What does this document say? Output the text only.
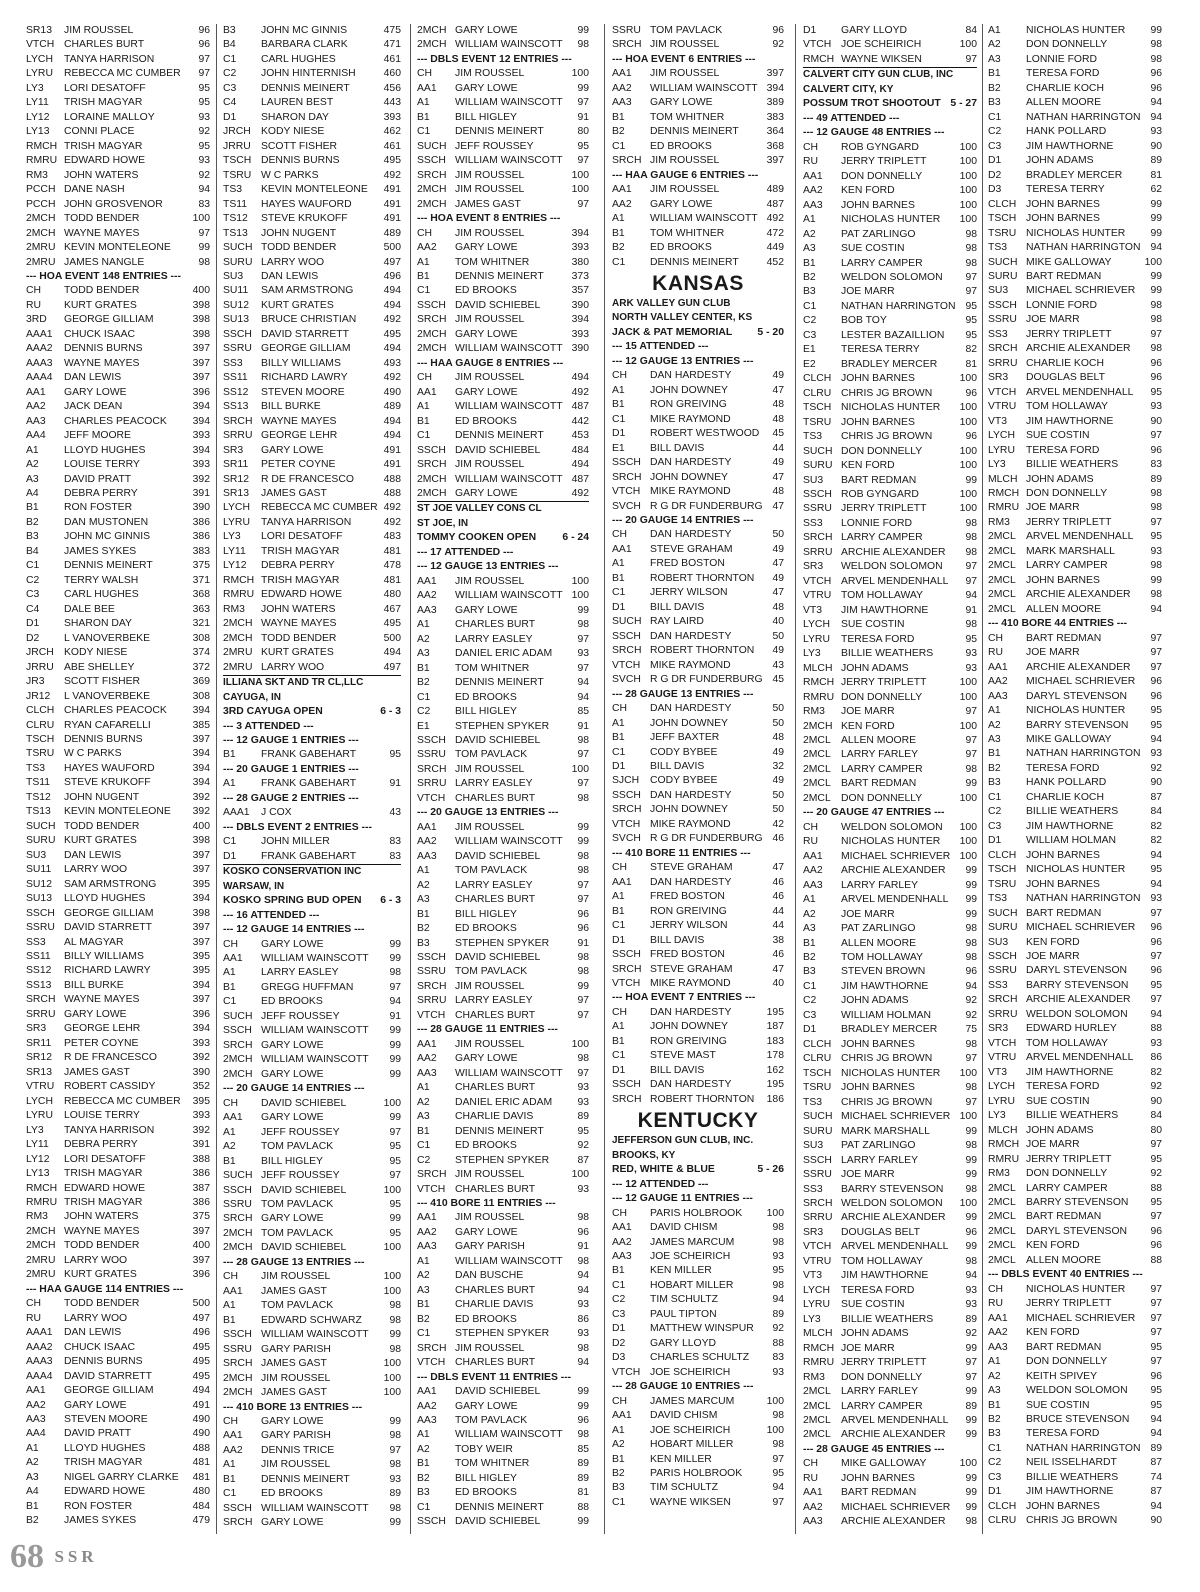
SR13 JIM ROUSSEL	96
VTCH CHARLES BURT	96
LYCH TANYA HARRISON	97
LYRU REBECCA MC CUMBER 97
LY3 LORI DESATOFF	95
LY11 TRISH MAGYAR	95
LY12 LORAINE MALLOY	93
LY13 CONNI PLACE	92
RMCH TRISH MAGYAR	95
RMRU EDWARD HOWE	93
RM3 JOHN WATERS	92
PCCH DANE NASH	94
PCCH JOHN GROSVENOR	83
2MCH TODD BENDER	100
2MCH WAYNE MAYES	97
2MRU KEVIN MONTELEONE	99
2MRU JAMES NANGLE	98
--- HOA EVENT 148 ENTRIES ---
CH TODD BENDER	400
RU KURT GRATES	398
3RD GEORGE GILLIAM	398
AAA1 CHUCK ISAAC	398
AAA2 DENNIS BURNS	397
AAA3 WAYNE MAYES	397
AAA4 DAN LEWIS	397
AA1 GARY LOWE	396
AA2 JACK DEAN	394
AA3 CHARLES PEACOCK 394
AA4 JEFF MOORE	393
A1 LLOYD HUGHES	394
A2 LOUISE TERRY	393
A3 DAVID PRATT	392
A4 DEBRA PERRY	391
B1 RON FOSTER	390
B2 DAN MUSTONEN	386
B3 JOHN MC GINNIS	386
B4 JAMES SYKES	383
C1 DENNIS MEINERT	375
C2 TERRY WALSH	371
C3 CARL HUGHES	368
C4 DALE BEE	363
D1 SHARON DAY	321
D2 L VANOVERBEKE	308
JRCH KODY NIESE	374
JRRU ABE SHELLEY	372
JR3 SCOTT FISHER	369
JR12 L VANOVERBEKE	308
CLCH CHARLES PEACOCK 394
CLRU RYAN CAFARELLI	385
TSCH DENNIS BURNS	397
TSRU W C PARKS	394
TS3 HAYES WAUFORD	394
TS11 STEVE KRUKOFF	394
TS12 JOHN NUGENT	392
TS13 KEVIN MONTELEONE 392
SUCH TODD BENDER	400
SURU KURT GRATES	398
SU3 DAN LEWIS	397
SU11 LARRY WOO	397
SU12 SAM ARMSTRONG	395
SU13 LLOYD HUGHES	394
SSCH GEORGE GILLIAM	398
SSRU DAVID STARRETT	397
SS3 AL MAGYAR	397
SS11 BILLY WILLIAMS	395
SS12 RICHARD LAWRY	395
SS13 BILL BURKE	394
SRCH WAYNE MAYES	397
SRRU GARY LOWE	396
SR3 GEORGE LEHR	394
SR11 PETER COYNE	393
SR12 R DE FRANCESCO	392
SR13 JAMES GAST	390
VTRU ROBERT CASSIDY	352
LYCH REBECCA MC CUMBER 395
LYRU LOUISE TERRY	393
LY3 TANYA HARRISON	392
LY11 DEBRA PERRY	391
LY12 LORI DESATOFF	388
LY13 TRISH MAGYAR	386
RMCH EDWARD HOWE	387
RMRU TRISH MAGYAR	386
RM3 JOHN WATERS	375
2MCH WAYNE MAYES	397
2MCH TODD BENDER	400
2MRU LARRY WOO	397
2MRU KURT GRATES	396
--- HAA GAUGE 114 ENTRIES ---
CH TODD BENDER	500
RU LARRY WOO	497
AAA1 DAN LEWIS	496
AAA2 CHUCK ISAAC	495
AAA3 DENNIS BURNS	495
AAA4 DAVID STARRETT	495
AA1 GEORGE GILLIAM	494
AA2 GARY LOWE	491
AA3 STEVEN MOORE	490
AA4 DAVID PRATT	490
A1 LLOYD HUGHES	488
A2 TRISH MAGYAR	481
A3 NIGEL GARRY CLARKE 481
A4 EDWARD HOWE	480
B1 RON FOSTER	484
B2 JAMES SYKES	479
B3 JOHN MC GINNIS	475
B4 BARBARA CLARK	471
C1 CARL HUGHES	461
C2 JOHN HINTERNISH	460
C3 DENNIS MEINERT	456
C4 LAUREN BEST	443
D1 SHARON DAY	393
JRCH KODY NIESE	462
JRRU SCOTT FISHER	461
TSCH DENNIS BURNS	495
TSRU W C PARKS	492
TS3 KEVIN MONTELEONE 491
TS11 HAYES WAUFORD	491
TS12 STEVE KRUKOFF	491
TS13 JOHN NUGENT	489
SUCH TODD BENDER	500
SURU LARRY WOO	497
SU3 DAN LEWIS	496
SU11 SAM ARMSTRONG	494
SU12 KURT GRATES	494
SU13 BRUCE CHRISTIAN	492
SSCH DAVID STARRETT	495
SSRU GEORGE GILLIAM	494
SS3 BILLY WILLIAMS	493
SS11 RICHARD LAWRY	492
SS12 STEVEN MOORE	490
SS13 BILL BURKE	489
SRCH WAYNE MAYES	494
SRRU GEORGE LEHR	494
SR3 GARY LOWE	491
SR11 PETER COYNE	491
SR12 R DE FRANCESCO	488
SR13 JAMES GAST	488
LYCH REBECCA MC CUMBER 492
LYRU TANYA HARRISON	492
LY3 LORI DESATOFF	483
LY11 TRISH MAGYAR	481
LY12 DEBRA PERRY	478
RMCH TRISH MAGYAR	481
RMRU EDWARD HOWE	480
RM3 JOHN WATERS	467
2MCH WAYNE MAYES	495
2MCH TODD BENDER	500
2MRU KURT GRATES	494
2MRU LARRY WOO	497
ILLIANA SKT AND TR CL,LLC
CAYUGA, IN
3RD CAYUGA OPEN	6 - 3
--- 3 ATTENDED ---
--- 12 GAUGE 1 ENTRIES ---
B1 FRANK GABEHART	95
--- 20 GAUGE 1 ENTRIES ---
A1 FRANK GABEHART	91
--- 28 GAUGE 2 ENTRIES ---
AAA1 J COX	43
--- DBLS EVENT 2 ENTRIES ---
C1 JOHN MILLER	83
D1 FRANK GABEHART	83
KOSKO CONSERVATION INC
WARSAW, IN
KOSKO SPRING BUD OPEN 6 - 3
--- 16 ATTENDED ---
--- 12 GAUGE 14 ENTRIES ---
CH GARY LOWE	99
AA1 WILLIAM WAINSCOTT 99
A1 LARRY EASLEY	98
B1 GREGG HUFFMAN	97
C1 ED BROOKS	94
SUCH JEFF ROUSSEY	91
SSCH WILLIAM WAINSCOTT 99
SRCH GARY LOWE	99
2MCH WILLIAM WAINSCOTT 99
2MCH GARY LOWE	99
--- 20 GAUGE 14 ENTRIES ---
CH DAVID SCHIEBEL	100
AA1 GARY LOWE	99
A1 JEFF ROUSSEY	97
A2 TOM PAVLACK	95
B1 BILL HIGLEY	95
SUCH JEFF ROUSSEY	97
SSCH DAVID SCHIEBEL	100
SSRU TOM PAVLACK	95
SRCH GARY LOWE	99
2MCH TOM PAVLACK	95
2MCH DAVID SCHIEBEL	100
--- 28 GAUGE 13 ENTRIES ---
CH JIM ROUSSEL	100
AA1 JAMES GAST	100
A1 TOM PAVLACK	98
B1 EDWARD SCHWARZ	98
SSCH WILLIAM WAINSCOTT 99
SSRU GARY PARISH	98
SRCH JAMES GAST	100
2MCH JIM ROUSSEL	100
2MCH JAMES GAST	100
--- 410 BORE 13 ENTRIES ---
CH GARY LOWE	99
AA1 GARY PARISH	98
AA2 DENNIS TRICE	97
A1 JIM ROUSSEL	98
B1 DENNIS MEINERT	93
C1 ED BROOKS	89
SSCH WILLIAM WAINSCOTT 98
SRCH GARY LOWE	99
2MCH GARY LOWE	99
2MCH WILLIAM WAINSCOTT 98
--- DBLS EVENT 12 ENTRIES ---
CH JIM ROUSSEL	100
AA1 GARY LOWE	99
A1 WILLIAM WAINSCOTT 97
B1 BILL HIGLEY	91
C1 DENNIS MEINERT	80
SUCH JEFF ROUSSEY	95
SSCH WILLIAM WAINSCOTT 97
SRCH JIM ROUSSEL	100
2MCH JIM ROUSSEL	100
2MCH JAMES GAST	97
--- HOA EVENT 8 ENTRIES ---
CH JIM ROUSSEL	394
AA2 GARY LOWE	393
A1 TOM WHITNER	380
B1 DENNIS MEINERT	373
C1 ED BROOKS	357
SSCH DAVID SCHIEBEL	390
SRCH JIM ROUSSEL	394
2MCH GARY LOWE	393
2MCH WILLIAM WAINSCOTT 390
--- HAA GAUGE 8 ENTRIES ---
CH JIM ROUSSEL	494
AA1 GARY LOWE	492
A1 WILLIAM WAINSCOTT 487
B1 ED BROOKS	442
C1 DENNIS MEINERT	453
SSCH DAVID SCHIEBEL	484
SRCH JIM ROUSSEL	494
2MCH WILLIAM WAINSCOTT 487
2MCH GARY LOWE	492
ST JOE VALLEY CONS CL
ST JOE, IN
TOMMY COOKEN OPEN	6 - 24
--- 17 ATTENDED ---
--- 12 GAUGE 13 ENTRIES ---
AA1 JIM ROUSSEL	100
AA2 WILLIAM WAINSCOTT 100
AA3 GARY LOWE	99
A1 CHARLES BURT	98
A2 LARRY EASLEY	97
A3 DANIEL ERIC ADAM 93
B1 TOM WHITNER	97
B2 DENNIS MEINERT	94
C1 ED BROOKS	94
C2 BILL HIGLEY	85
E1 STEPHEN SPYKER	91
SSCH DAVID SCHIEBEL	98
SSRU TOM PAVLACK	97
SRCH JIM ROUSSEL	100
SRRU LARRY EASLEY	97
VTCH CHARLES BURT	98
--- 20 GAUGE 13 ENTRIES ---
AA1 JIM ROUSSEL	99
AA2 WILLIAM WAINSCOTT 99
AA3 DAVID SCHIEBEL	98
A1 TOM PAVLACK	98
A2 LARRY EASLEY	97
A3 CHARLES BURT	97
B1 BILL HIGLEY	96
B2 ED BROOKS	96
B3 STEPHEN SPYKER	91
SSCH DAVID SCHIEBEL	98
SSRU TOM PAVLACK	98
SRCH JIM ROUSSEL	99
SRRU LARRY EASLEY	97
VTCH CHARLES BURT	97
--- 28 GAUGE 11 ENTRIES ---
AA1 JIM ROUSSEL	100
AA2 GARY LOWE	98
AA3 WILLIAM WAINSCOTT 97
A1 CHARLES BURT	93
A2 DANIEL ERIC ADAM 93
A3 CHARLIE DAVIS	89
B1 DENNIS MEINERT	95
C1 ED BROOKS	92
C2 STEPHEN SPYKER	87
SRCH JIM ROUSSEL	100
VTCH CHARLES BURT	93
--- 410 BORE 11 ENTRIES ---
AA1 JIM ROUSSEL	98
AA2 GARY LOWE	96
AA3 GARY PARISH	91
A1 WILLIAM WAINSCOTT 98
A2 DAN BUSCHE	94
A3 CHARLES BURT	94
B1 CHARLIE DAVIS	93
B2 ED BROOKS	86
C1 STEPHEN SPYKER	93
SRCH JIM ROUSSEL	98
VTCH CHARLES BURT	94
--- DBLS EVENT 11 ENTRIES ---
AA1 DAVID SCHIEBEL	99
AA2 GARY LOWE	99
AA3 TOM PAVLACK	96
A1 WILLIAM WAINSCOTT 98
A2 TOBY WEIR	85
B1 TOM WHITNER	89
B2 BILL HIGLEY	89
B3 ED BROOKS	81
C1 DENNIS MEINERT	88
SSCH DAVID SCHIEBEL	99
SSRU TOM PAVLACK	96
SRCH JIM ROUSSEL	92
--- HOA EVENT 6 ENTRIES ---
AA1 JIM ROUSSEL	397
AA2 WILLIAM WAINSCOTT 394
AA3 GARY LOWE	389
B1 TOM WHITNER	383
B2 DENNIS MEINERT	364
C1 ED BROOKS	368
SRCH JIM ROUSSEL	397
--- HAA GAUGE 6 ENTRIES ---
AA1 JIM ROUSSEL	489
AA2 GARY LOWE	487
A1 WILLIAM WAINSCOTT 492
B1 TOM WHITNER	472
B2 ED BROOKS	449
C1 DENNIS MEINERT	452
KANSAS
ARK VALLEY GUN CLUB
NORTH VALLEY CENTER, KS
JACK & PAT MEMORIAL 5 - 20
--- 15 ATTENDED ---
--- 12 GAUGE 13 ENTRIES ---
CH DAN HARDESTY	49
A1 JOHN DOWNEY	47
B1 RON GREIVING	48
C1 MIKE RAYMOND	48
D1 ROBERT WESTWOOD 45
E1 BILL DAVIS	44
SSCH DAN HARDESTY	49
SRCH JOHN DOWNEY	47
VTCH MIKE RAYMOND	48
SVCH R G DR FUNDERBURG 47
--- 20 GAUGE 14 ENTRIES ---
CH DAN HARDESTY	50
AA1 STEVE GRAHAM	49
A1 FRED BOSTON	47
B1 ROBERT THORNTON 49
C1 JERRY WILSON	47
D1 BILL DAVIS	48
SUCH RAY LAIRD	40
SSCH DAN HARDESTY	50
SRCH ROBERT THORNTON 49
VTCH MIKE RAYMOND	43
SVCH R G DR FUNDERBURG 45
--- 28 GAUGE 13 ENTRIES ---
CH DAN HARDESTY	50
A1 JOHN DOWNEY	50
B1 JEFF BAXTER	48
C1 CODY BYBEE	49
D1 BILL DAVIS	32
SJCH CODY BYBEE	49
SSCH DAN HARDESTY	50
SRCH JOHN DOWNEY	50
VTCH MIKE RAYMOND	42
SVCH R G DR FUNDERBURG 46
--- 410 BORE 11 ENTRIES ---
CH STEVE GRAHAM	47
AA1 DAN HARDESTY	46
A1 FRED BOSTON	46
B1 RON GREIVING	44
C1 JERRY WILSON	44
D1 BILL DAVIS	38
SSCH FRED BOSTON	46
SRCH STEVE GRAHAM	47
VTCH MIKE RAYMOND	40
--- HOA EVENT 7 ENTRIES ---
CH DAN HARDESTY	195
A1 JOHN DOWNEY	187
B1 RON GREIVING	183
C1 STEVE MAST	178
D1 BILL DAVIS	162
SSCH DAN HARDESTY	195
SRCH ROBERT THORNTON 186
KENTUCKY
JEFFERSON GUN CLUB, INC.
BROOKS, KY
RED, WHITE & BLUE	5 - 26
--- 12 ATTENDED ---
--- 12 GAUGE 11 ENTRIES ---
CH PARIS HOLBROOK 100
AA1 DAVID CHISM	98
AA2 JAMES MARCUM	98
AA3 JOE SCHEIRICH	93
B1 KEN MILLER	95
C1 HOBART MILLER	98
C2 TIM SCHULTZ	94
C3 PAUL TIPTON	89
D1 MATTHEW WINSPUR 92
D2 GARY LLOYD	88
D3 CHARLES SCHULTZ 83
VTCH JOE SCHEIRICH	93
--- 28 GAUGE 10 ENTRIES ---
CH JAMES MARCUM	100
AA1 DAVID CHISM	98
A1 JOE SCHEIRICH	100
A2 HOBART MILLER	98
B1 KEN MILLER	97
B2 PARIS HOLBROOK	95
B3 TIM SCHULTZ	94
C1 WAYNE WIKSEN	97
D1 GARY LLOYD	84
VTCH JOE SCHEIRICH	100
RMCH WAYNE WIKSEN	97
CALVERT CITY GUN CLUB, INC
CALVERT CITY, KY
POSSUM TROT SHOOTOUT 5 - 27
--- 49 ATTENDED ---
--- 12 GAUGE 48 ENTRIES ---
CH ROB GYNGARD	100
RU JERRY TRIPLETT	100
AA1 DON DONNELLY	100
AA2 KEN FORD	100
AA3 JOHN BARNES	100
A1 NICHOLAS HUNTER 100
A2 PAT ZARLINGO	98
A3 SUE COSTIN	98
B1 LARRY CAMPER	98
B2 WELDON SOLOMON 97
B3 JOE MARR	97
C1 NATHAN HARRINGTON 95
C2 BOB TOY	95
C3 LESTER BAZAILLION 95
E1 TERESA TERRY	82
E2 BRADLEY MERCER	81
CLCH JOHN BARNES	100
CLRU CHRIS JG BROWN	96
TSCH NICHOLAS HUNTER 100
TSRU JOHN BARNES	100
TS3 CHRIS JG BROWN	96
SUCH DON DONNELLY	100
SURU KEN FORD	100
SU3 BART REDMAN	99
SSCH ROB GYNGARD	100
SSRU JERRY TRIPLETT	100
SS3 LONNIE FORD	98
SRCH LARRY CAMPER	98
SRRU ARCHIE ALEXANDER 98
SR3 WELDON SOLOMON 97
VTCH ARVEL MENDENHALL 97
VTRU TOM HOLLAWAY	94
VT3 JIM HAWTHORNE	91
LYCH SUE COSTIN	98
LYRU TERESA FORD	95
LY3 BILLIE WEATHERS	93
MLCH JOHN ADAMS	93
RMCH JERRY TRIPLETT	100
RMRU DON DONNELLY	100
RM3 JOE MARR	97
2MCH KEN FORD	100
2MCL ALLEN MOORE	97
2MCL LARRY FARLEY	97
2MCL LARRY CAMPER	98
2MCL BART REDMAN	99
2MCL DON DONNELLY	100
--- 20 GAUGE 47 ENTRIES ---
CH WELDON SOLOMON 100
RU NICHOLAS HUNTER 100
AA1 MICHAEL SCHRIEVER 100
AA2 ARCHIE ALEXANDER 99
AA3 LARRY FARLEY	99
A1 ARVEL MENDENHALL 99
A2 JOE MARR	99
A3 PAT ZARLINGO	98
B1 ALLEN MOORE	98
B2 TOM HOLLAWAY	98
B3 STEVEN BROWN	96
C1 JIM HAWTHORNE	94
C2 JOHN ADAMS	92
C3 WILLIAM HOLMAN	92
D1 BRADLEY MERCER	75
CLCH JOHN BARNES	98
CLRU CHRIS JG BROWN	97
TSCH NICHOLAS HUNTER 100
TSRU JOHN BARNES	98
TS3 CHRIS JG BROWN	97
SUCH MICHAEL SCHRIEVER 100
SURU MARK MARSHALL	99
SU3 PAT ZARLINGO	98
SSCH LARRY FARLEY	99
SSRU JOE MARR	99
SS3 BARRY STEVENSON 98
SRCH WELDON SOLOMON 100
SRRU ARCHIE ALEXANDER 99
SR3 DOUGLAS BELT	96
VTCH ARVEL MENDENHALL 99
VTRU TOM HOLLAWAY	98
VT3 JIM HAWTHORNE	94
LYCH TERESA FORD	93
LYRU SUE COSTIN	93
LY3 BILLIE WEATHERS	89
MLCH JOHN ADAMS	92
RMCH JOE MARR	99
RMRU JERRY TRIPLETT	97
RM3 DON DONNELLY	97
2MCL LARRY FARLEY	99
2MCL LARRY CAMPER	89
2MCL ARVEL MENDENHALL 99
2MCL ARCHIE ALEXANDER 99
--- 28 GAUGE 45 ENTRIES ---
CH MIKE GALLOWAY	100
RU JOHN BARNES	99
AA1 BART REDMAN	99
AA2 MICHAEL SCHRIEVER 99
AA3 ARCHIE ALEXANDER 98
A1 NICHOLAS HUNTER 99
A2 DON DONNELLY	98
A3 LONNIE FORD	98
B1 TERESA FORD	96
B2 CHARLIE KOCH	96
B3 ALLEN MOORE	94
C1 NATHAN HARRINGTON 94
C2 HANK POLLARD	93
C3 JIM HAWTHORNE	90
D1 JOHN ADAMS	89
D2 BRADLEY MERCER	81
D3 TERESA TERRY	62
CLCH JOHN BARNES	99
TSCH JOHN BARNES	99
TSRU NICHOLAS HUNTER 99
TS3 NATHAN HARRINGTON 94
SUCH MIKE GALLOWAY	100
SURU BART REDMAN	99
SU3 MICHAEL SCHRIEVER 99
SSCH LONNIE FORD	98
SSRU JOE MARR	98
SS3 JERRY TRIPLETT	97
SRCH ARCHIE ALEXANDER 98
SRRU CHARLIE KOCH	96
SR3 DOUGLAS BELT	96
VTCH ARVEL MENDENHALL 95
VTRU TOM HOLLAWAY	93
VT3 JIM HAWTHORNE	90
LYCH SUE COSTIN	97
LYRU TERESA FORD	96
LY3 BILLIE WEATHERS	83
MLCH JOHN ADAMS	89
RMCH DON DONNELLY	98
RMRU JOE MARR	98
RM3 JERRY TRIPLETT	97
2MCL ARVEL MENDENHALL 95
2MCL MARK MARSHALL	93
2MCL LARRY CAMPER	98
2MCL JOHN BARNES	99
2MCL ARCHIE ALEXANDER 98
2MCL ALLEN MOORE	94
--- 410 BORE 44 ENTRIES ---
CH BART REDMAN	97
RU JOE MARR	97
AA1 ARCHIE ALEXANDER 97
AA2 MICHAEL SCHRIEVER 96
AA3 DARYL STEVENSON 96
A1 NICHOLAS HUNTER 95
A2 BARRY STEVENSON 95
A3 MIKE GALLOWAY	94
B1 NATHAN HARRINGTON 93
B2 TERESA FORD	92
B3 HANK POLLARD	90
C1 CHARLIE KOCH	87
C2 BILLIE WEATHERS	84
C3 JIM HAWTHORNE	82
D1 WILLIAM HOLMAN	82
CLCH JOHN BARNES	94
TSCH NICHOLAS HUNTER 95
TSRU JOHN BARNES	94
TS3 NATHAN HARRINGTON 93
SUCH BART REDMAN	97
SURU MICHAEL SCHRIEVER 96
SU3 KEN FORD	96
SSCH JOE MARR	97
SSRU DARYL STEVENSON 96
SS3 BARRY STEVENSON 95
SRCH ARCHIE ALEXANDER 97
SRRU WELDON SOLOMON 94
SR3 EDWARD HURLEY	88
VTCH TOM HOLLAWAY	93
VTRU ARVEL MENDENHALL 86
VT3 JIM HAWTHORNE	82
LYCH TERESA FORD	92
LYRU SUE COSTIN	90
LY3 BILLIE WEATHERS	84
MLCH JOHN ADAMS	80
RMCH JOE MARR	97
RMRU JERRY TRIPLETT	95
RM3 DON DONNELLY	92
2MCL LARRY CAMPER	88
2MCL BARRY STEVENSON 95
2MCL BART REDMAN	97
2MCL DARYL STEVENSON 96
2MCL KEN FORD	96
2MCL ALLEN MOORE	88
--- DBLS EVENT 40 ENTRIES ---
CH NICHOLAS HUNTER 97
RU JERRY TRIPLETT	97
AA1 MICHAEL SCHRIEVER 97
AA2 KEN FORD	97
AA3 BART REDMAN	95
A1 DON DONNELLY	97
A2 KEITH SPIVEY	96
A3 WELDON SOLOMON 95
B1 SUE COSTIN	95
B2 BRUCE STEVENSON 94
B3 TERESA FORD	94
C1 NATHAN HARRINGTON 89
C2 NEIL ISSELHARDT	87
C3 BILLIE WEATHERS	74
D1 JIM HAWTHORNE	87
CLCH JOHN BARNES	94
CLRU CHRIS JG BROWN	90
68 SSR
